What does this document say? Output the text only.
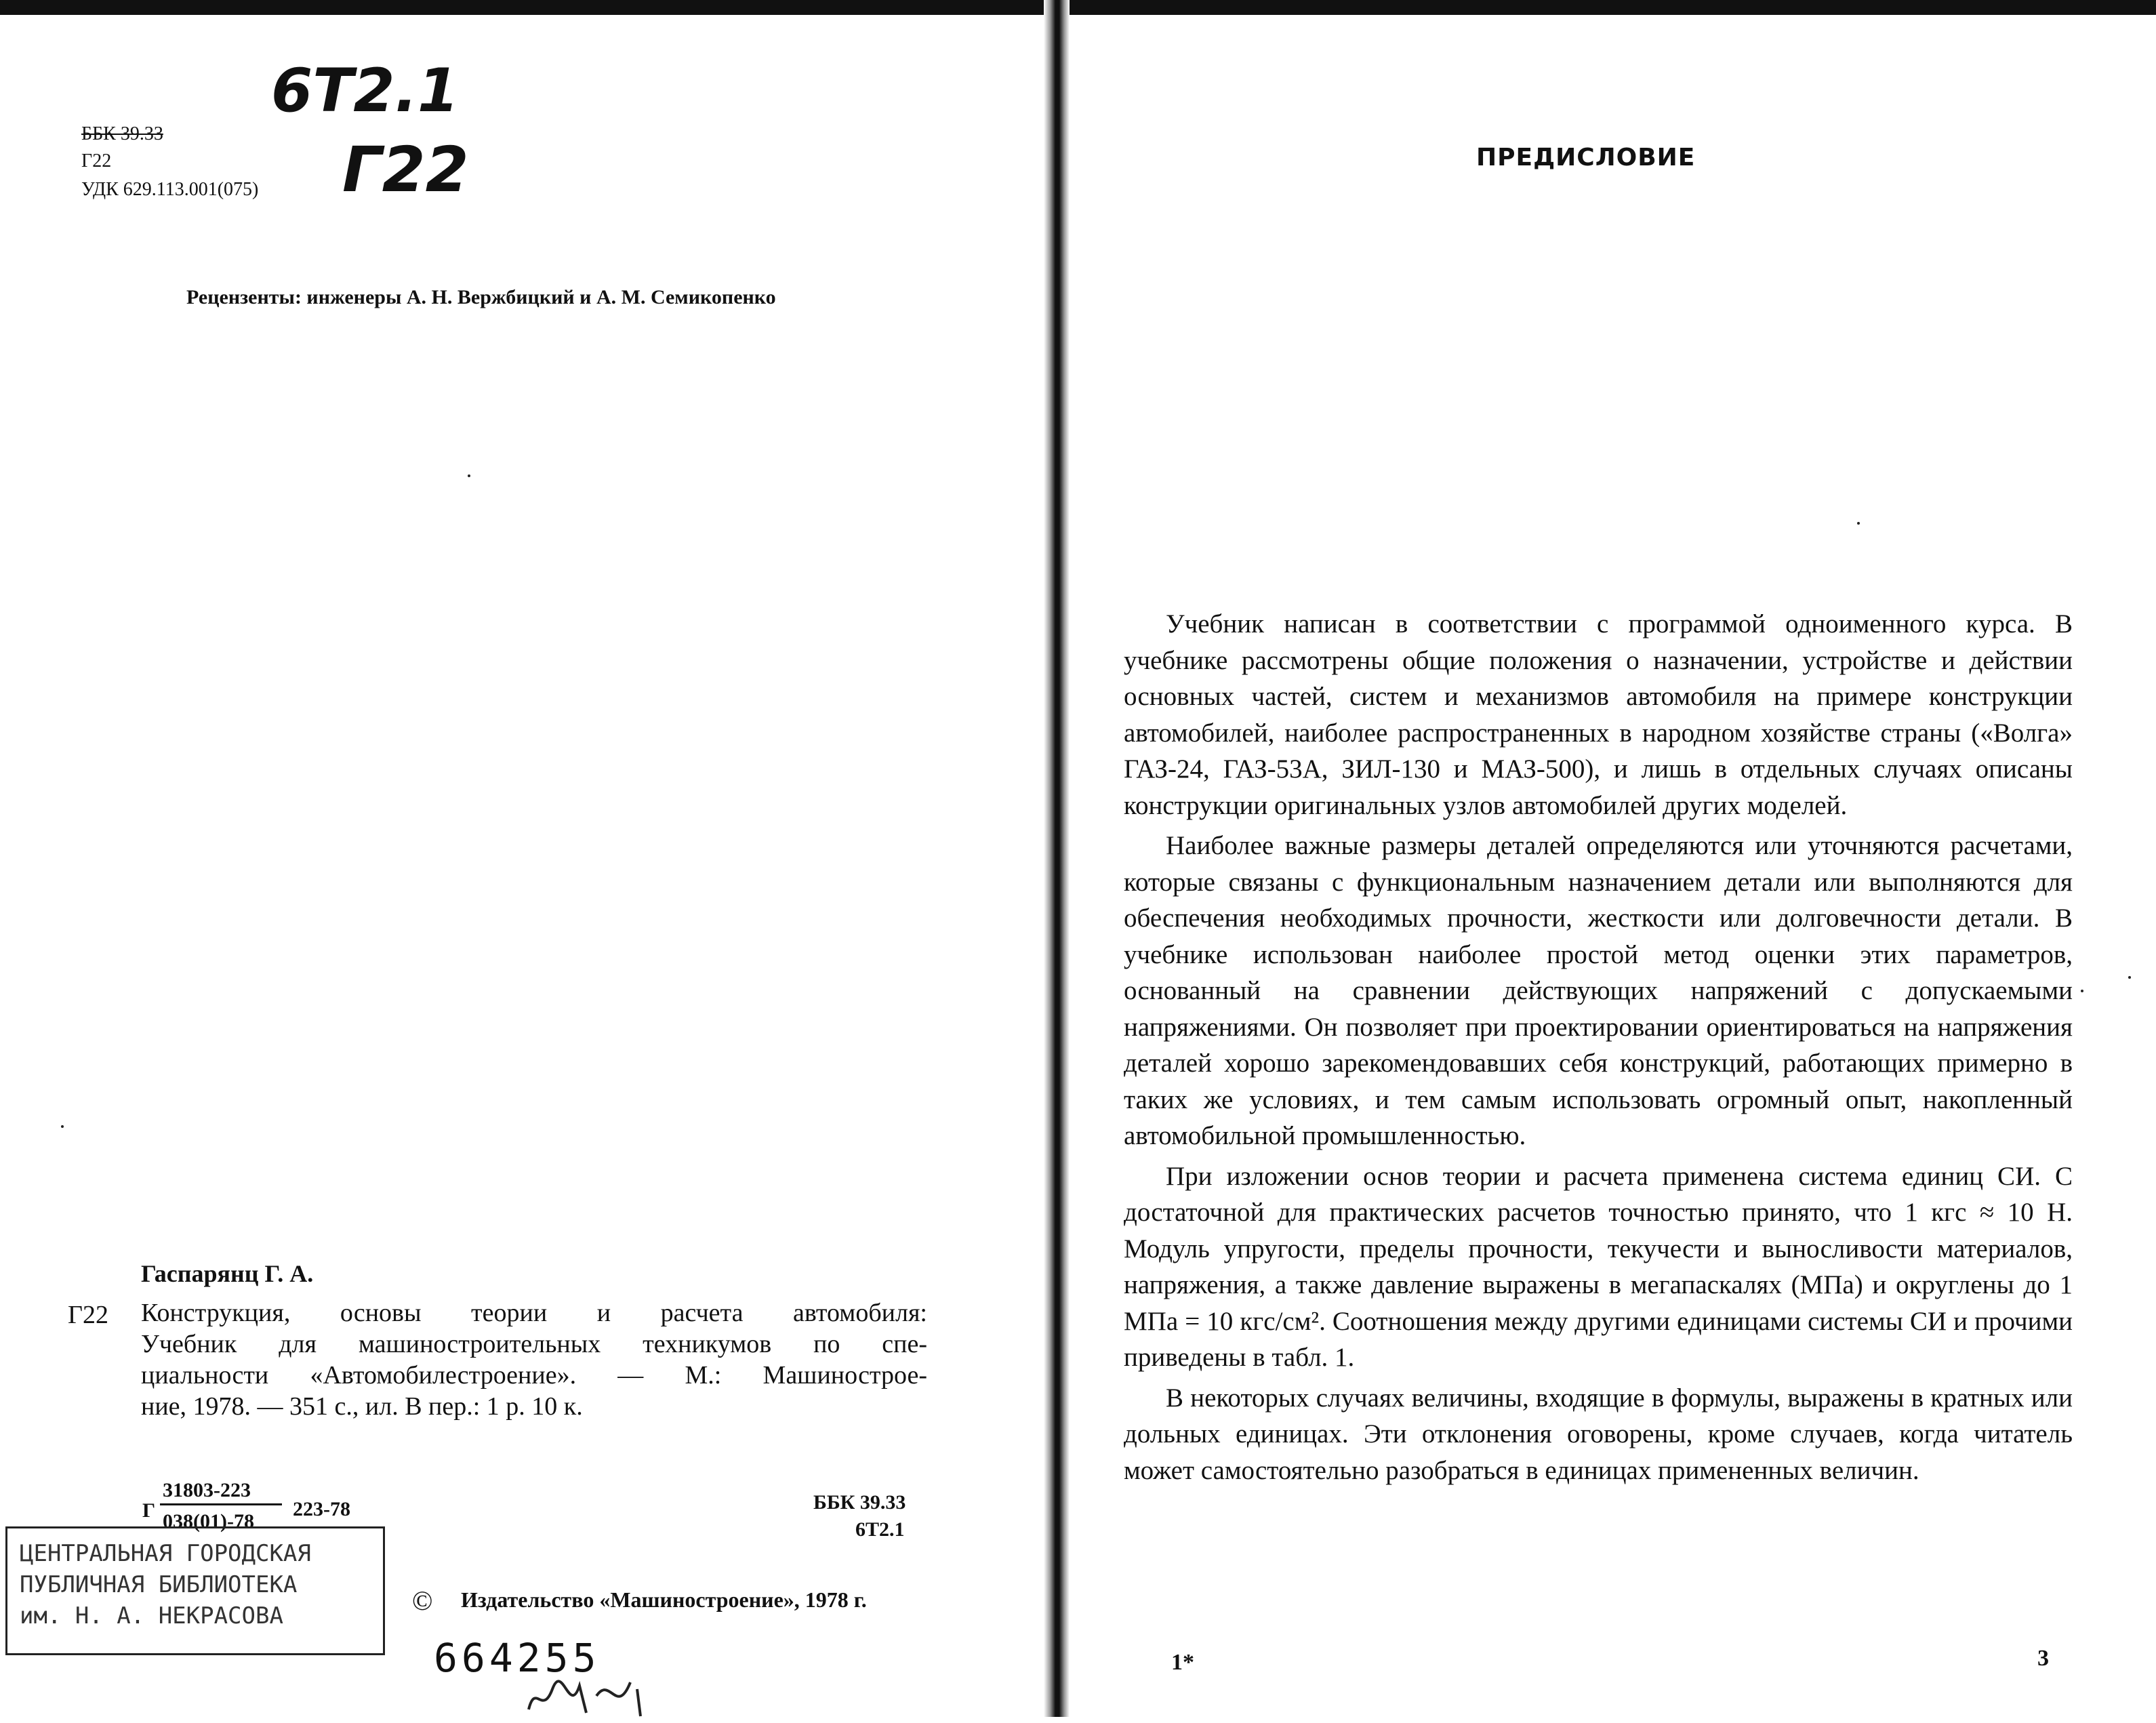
6Т2.1
Г22
ББК 39.33
Г22
УДК 629.113.001(075)
Рецензенты: инженеры А. Н. Вержбицкий и А. М. Семикопенко
Гаспарянц Г. А.
Г22 Конструкция, основы теории и расчета автомобиля:
Учебник для машиностроительных техникумов по спе-
циальности «Автомобилестроение». — М.: Машинострое-
ние, 1978. — 351 с., ил. В пер.: 1 р. 10 к.
Г
31803-223
038(01)-78
223-78	ББК 39.33
6Т2.1
ЦЕНТРАЛЬНАЯ ГОРОДСКАЯ
ПУБЛИЧНАЯ БИБЛИОТЕКА
им. Н. А. НЕКРАСОВА	© Издательство «Машиностроение», 1978 г.
664255
ПРЕДИСЛОВИЕ

Учебник написан в соответствии с программой одноименного курса. В учебнике рассмотрены общие положения о назначении, устройстве и действии основных частей, систем и механизмов автомобиля на примере конструкции автомобилей, наиболее распространенных в народном хозяйстве страны («Волга» ГАЗ-24, ГАЗ-53А, ЗИЛ-130 и МАЗ-500), и лишь в отдельных случаях описаны конструкции оригинальных узлов автомобилей других моделей.

Наиболее важные размеры деталей определяются или уточняются расчетами, которые связаны с функциональным назначением детали или выполняются для обеспечения необходимых прочности, жесткости или долговечности детали. В учебнике использован наиболее простой метод оценки этих параметров, основанный на сравнении действующих напряжений с допускаемыми напряжениями. Он позволяет при проектировании ориентироваться на напряжения деталей хорошо зарекомендовавших себя конструкций, работающих примерно в таких же условиях, и тем самым использовать огромный опыт, накопленный автомобильной промышленностью.

При изложении основ теории и расчета применена система единиц СИ. С достаточной для практических расчетов точностью принято, что 1 кгс ≈ 10 Н. Модуль упругости, пределы прочности, текучести и выносливости материалов, напряжения, а также давление выражены в мегапаскалях (МПа) и округлены до 1 МПа = 10 кгс/см². Соотношения между другими единицами системы СИ и прочими приведены в табл. 1.

В некоторых случаях величины, входящие в формулы, выражены в кратных или дольных единицах. Эти отклонения оговорены, кроме случаев, когда читатель может самостоятельно разобраться в единицах примененных величин.

1*	3
